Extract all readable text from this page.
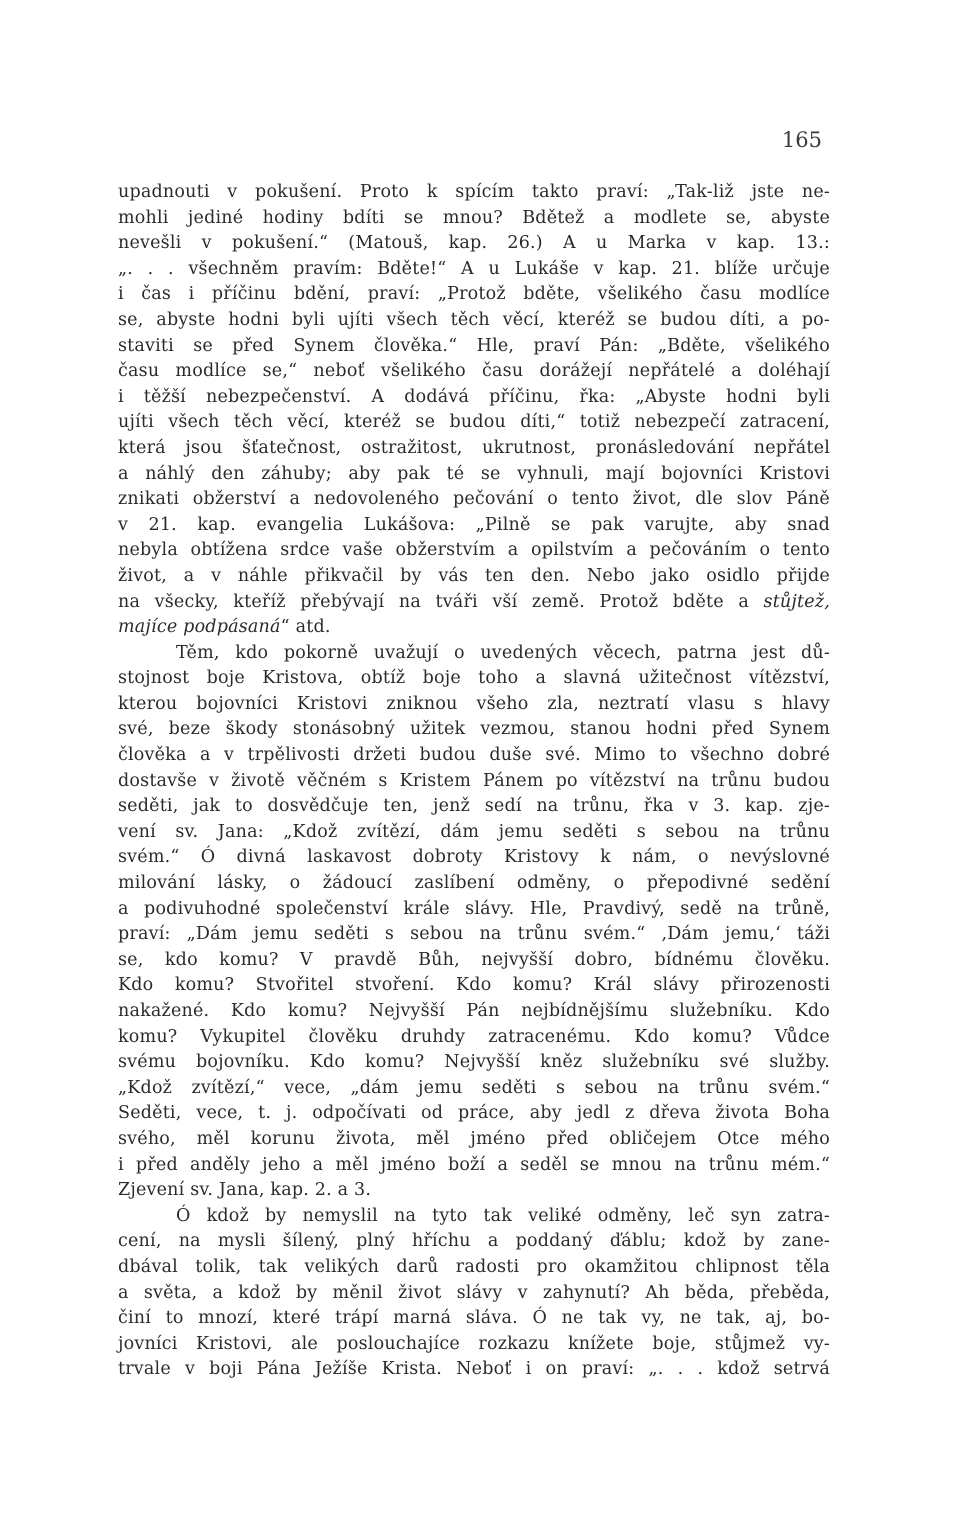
165
upadnouti v pokušení. Proto k spícím takto praví: „Tak-liž jste ne-
mohli jediné hodiny bdíti se mnou? Bdětež a modlete se, abyste
nevešli v pokušení.“ (Matouš, kap. 26.) A u Marka v kap. 13.:
„. . . všechněm pravím: Bděte!“ A u Lukáše v kap. 21. blíže určuje
i čas i příčinu bdění, praví: „Protož bděte, všelikého času modlíce
se, abyste hodni byli ujíti všech těch věcí, kteréž se budou díti, a po-
staviti se před Synem člověka.“ Hle, praví Pán: „Bděte, všelikého
času modlíce se,“ neboť všelikého času dorážejí nepřátelé a doléhají
i těžší nebezpečenství. A dodává příčinu, řka: „Abyste hodni byli
ujíti všech těch věcí, kteréž se budou díti,“ totiž nebezpečí zatracení,
která jsou šťatečnost, ostražitost, ukrutnost, pronásledování nepřátel
a náhlý den záhuby; aby pak té se vyhnuli, mají bojovníci Kristovi
znikati obžerství a nedovoleného pečování o tento život, dle slov Páně
v 21. kap. evangelia Lukášova: „Pilně se pak varujte, aby snad
nebyla obtížena srdce vaše obžerstvím a opilstvím a pečováním o tento
život, a v náhle přikvačil by vás ten den. Nebo jako osidlo přijde
na všecky, kteříž přebývají na tváři vší země. Protož bděte a stůjtež,
majíce podpásaná“ atd.
Těm, kdo pokorně uvažují o uvedených věcech, patrna jest dů-
stojnost boje Kristova, obtíž boje toho a slavná užitečnost vítězství,
kterou bojovníci Kristovi zniknou všeho zla, neztratí vlasu s hlavy
své, beze škody stonásobný užitek vezmou, stanou hodni před Synem
člověka a v trpělivosti držeti budou duše své. Mimo to všechno dobré
dostavše v životě věčném s Kristem Pánem po vítězství na trůnu budou
seděti, jak to dosvědčuje ten, jenž sedí na trůnu, řka v 3. kap. zje-
vení sv. Jana: „Kdož zvítězí, dám jemu seděti s sebou na trůnu
svém.“ Ó divná laskavost dobroty Kristovy k nám, o nevýslovné
milování lásky, o žádoucí zaslíbení odměny, o přepodivné sedění
a podivuhodné společenství krále slávy. Hle, Pravdivý, sedě na trůně,
praví: „Dám jemu seděti s sebou na trůnu svém.“ ‚Dám jemu,‘ táži
se, kdo komu? V pravdě Bůh, nejvyšší dobro, bídnému člověku.
Kdo komu? Stvořitel stvoření. Kdo komu? Král slávy přirozenosti
nakažené. Kdo komu? Nejvyšší Pán nejbídnějšímu služebníku. Kdo
komu? Vykupitel člověku druhdy zatracenému. Kdo komu? Vůdce
svému bojovníku. Kdo komu? Nejvyšší kněz služebníku své služby.
„Kdož zvítězí,“ vece, „dám jemu seděti s sebou na trůnu svém.“
Seděti, vece, t. j. odpočívati od práce, aby jedl z dřeva života Boha
svého, měl korunu života, měl jméno před obličejem Otce mého
i před anděly jeho a měl jméno boží a seděl se mnou na trůnu mém.“
Zjevení sv. Jana, kap. 2. a 3.
Ó kdož by nemyslil na tyto tak veliké odměny, leč syn zatra-
cení, na mysli šílený, plný hříchu a poddaný ďáblu; kdož by zane-
dbával tolik, tak velikých darů radosti pro okamžitou chlipnost těla
a světa, a kdož by měnil život slávy v zahynutí? Ah běda, přeběda,
činí to mnozí, které trápí marná sláva. Ó ne tak vy, ne tak, aj, bo-
jovníci Kristovi, ale poslouchajíce rozkazu knížete boje, stůjmež vy-
trvale v boji Pána Ježíše Krista. Neboť i on praví: „. . . kdož setrvá
